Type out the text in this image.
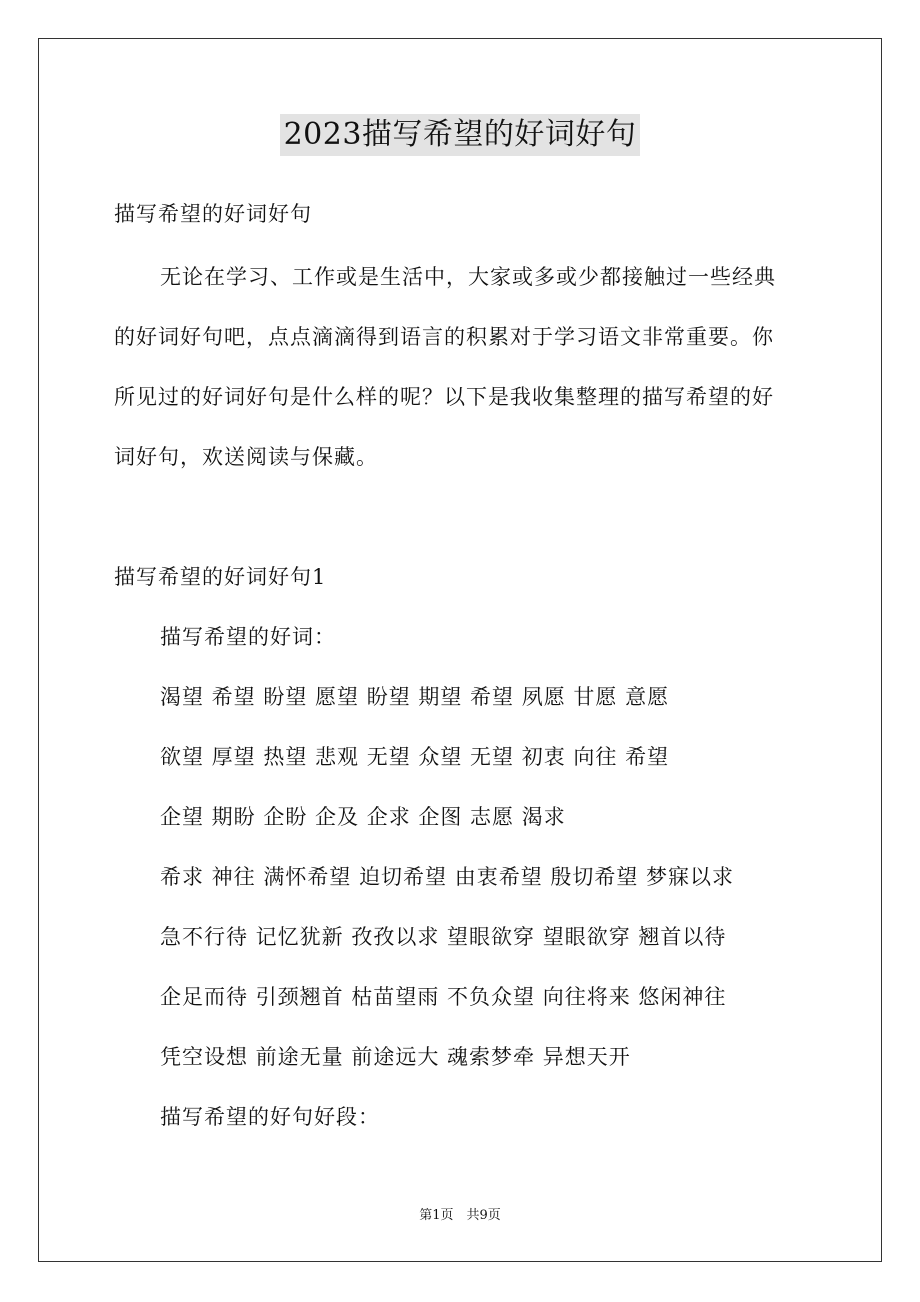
2023描写希望的好词好句
描写希望的好词好句
无论在学习、工作或是生活中，大家或多或少都接触过一些经典
的好词好句吧，点点滴滴得到语言的积累对于学习语文非常重要。你
所见过的好词好句是什么样的呢？以下是我收集整理的描写希望的好
词好句，欢送阅读与保藏。
描写希望的好词好句1
描写希望的好词：
渴望 希望 盼望 愿望 盼望 期望 希望 夙愿 甘愿 意愿
欲望 厚望 热望 悲观 无望 众望 无望 初衷 向往 希望
企望 期盼 企盼 企及 企求 企图 志愿 渴求
希求 神往 满怀希望 迫切希望 由衷希望 殷切希望 梦寐以求
急不行待 记忆犹新 孜孜以求 望眼欲穿 望眼欲穿 翘首以待
企足而待 引颈翘首 枯苗望雨 不负众望 向往将来 悠闲神往
凭空设想 前途无量 前途远大 魂索梦牵 异想天开
描写希望的好句好段：
第1页　共9页
